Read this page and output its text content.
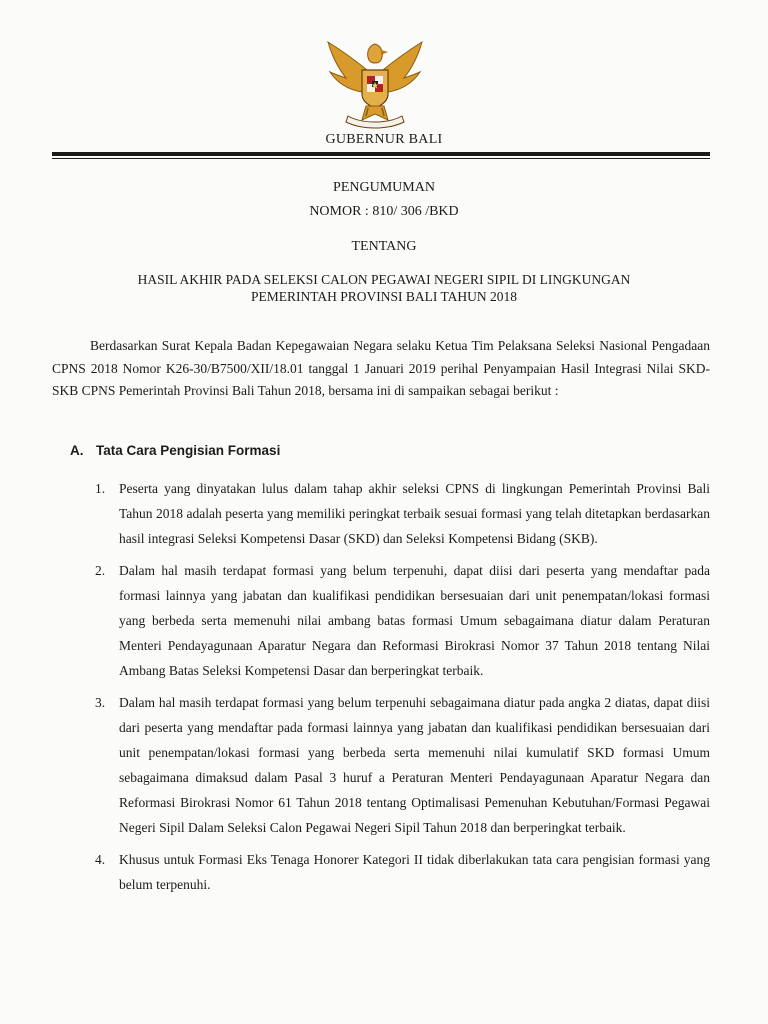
GUBERNUR BALI
PENGUMUMAN
NOMOR : 810/ 306 /BKD
TENTANG
HASIL AKHIR PADA SELEKSI CALON PEGAWAI NEGERI SIPIL DI LINGKUNGAN
PEMERINTAH PROVINSI BALI TAHUN 2018
Berdasarkan Surat Kepala Badan Kepegawaian Negara selaku Ketua Tim Pelaksana Seleksi Nasional Pengadaan CPNS 2018 Nomor K26-30/B7500/XII/18.01 tanggal 1 Januari 2019 perihal Penyampaian Hasil Integrasi Nilai SKD-SKB CPNS Pemerintah Provinsi Bali Tahun 2018, bersama ini di sampaikan sebagai berikut :
A. Tata Cara Pengisian Formasi
1.	Peserta yang dinyatakan lulus dalam tahap akhir seleksi CPNS di lingkungan Pemerintah Provinsi Bali Tahun 2018 adalah peserta yang memiliki peringkat terbaik sesuai formasi yang telah ditetapkan berdasarkan hasil integrasi Seleksi Kompetensi Dasar (SKD) dan Seleksi Kompetensi Bidang (SKB).
2.	Dalam hal masih terdapat formasi yang belum terpenuhi, dapat diisi dari peserta yang mendaftar pada formasi lainnya yang jabatan dan kualifikasi pendidikan bersesuaian dari unit penempatan/lokasi formasi yang berbeda serta memenuhi nilai ambang batas formasi Umum sebagaimana diatur dalam Peraturan Menteri Pendayagunaan Aparatur Negara dan Reformasi Birokrasi Nomor 37 Tahun 2018 tentang Nilai Ambang Batas Seleksi Kompetensi Dasar dan berperingkat terbaik.
3.	Dalam hal masih terdapat formasi yang belum terpenuhi sebagaimana diatur pada angka 2 diatas, dapat diisi dari peserta yang mendaftar pada formasi lainnya yang jabatan dan kualifikasi pendidikan bersesuaian dari unit penempatan/lokasi formasi yang berbeda serta memenuhi nilai kumulatif SKD formasi Umum sebagaimana dimaksud dalam Pasal 3 huruf a Peraturan Menteri Pendayagunaan Aparatur Negara dan Reformasi Birokrasi Nomor 61 Tahun 2018 tentang Optimalisasi Pemenuhan Kebutuhan/Formasi Pegawai Negeri Sipil Dalam Seleksi Calon Pegawai Negeri Sipil Tahun 2018 dan berperingkat terbaik.
4.	Khusus untuk Formasi Eks Tenaga Honorer Kategori II tidak diberlakukan tata cara pengisian formasi yang belum terpenuhi.
